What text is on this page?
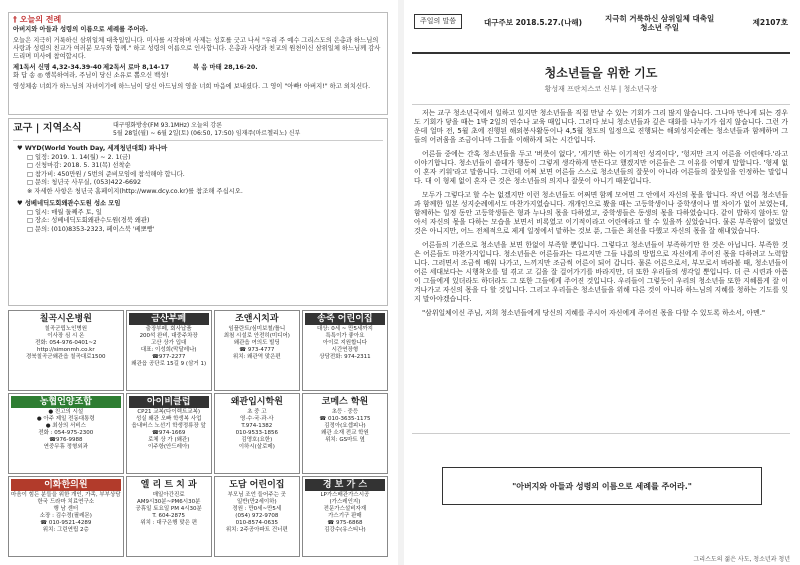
† 오늘의 전례

아버지와 아들과 성령의 이름으로 세례를 주어라.

오늘은 지극히 거룩하신 삼위일체 대축일입니다. 미사를 시작하며 사제는 성호를 긋고 나서 "우리 주 예수 그리스도의 은총과 하느님의 사랑과 성령의 친교가 여러분 모두와 함께." 하고 성령의 이름으로 인사합니다. 은총과 사랑과 친교의 원천이신 삼위일체 하느님께 감사드리며 미사에 참여합시다.

제1독서 신명 4,32-34.39-40 제2독서 로마 8,14-17	복 음 마태 28,16-20.

화 답 송 ◎ 행복하여라, 주님이 당신 소유로 뽑으신 백성!

영성체송 너희가 하느님의 자녀이기에 하느님이 당신 아드님의 영을 너희 마음에 보내셨다. 그 영이 "아빠! 아버지!" 하고 외치신다.

교구 | 지역소식	대구평화방송(FM 93.1MHz) 오늘의 강론
5월 28일(월) ~ 6월 2일(토) (06:50, 17:50) 임재주(마르첼리노) 신부
♥ WYD(World Youth Day, 세계청년대회) 파나마
□ 일정: 2019. 1. 14(월) ~ 2. 1(금)
□ 신청마감: 2018. 5. 31(목) 선착순
□ 참가비: 450만원 / 5번의 준비모임에 참석해야 합니다.
□ 문의: 청년국 사무실, (053)422-6692
※ 자세한 사항은 청년국 홈페이지(http://www.dcy.co.kr)를 참조해 주십시오.
♥ 성베네딕도회왜관수도원 성소 모임
□ 일시: 매월 둘째주 토, 일
□ 장소: 성베네딕도회왜관수도원(경북 왜관)
□ 문의: (010)8353-2323, 페이스북 '베뽀빵'
칠곡시온병원
칠곡군립노인병원
이사장 심 시 온
전화: 054-976-0401~2
http://simonmh.co.kr
경북칠곡군왜관읍 칠곡대로1500
금산부페
출장부페, 회사납품
200석 완비, 대중주차장
고산 상가 입대
대표: 이성희(막달레나)
☎977-2277
왜관읍 공단로 15길 9 (삼거 1)
조앤시치과
임플란트/심미보철/틀니
최첨 시설로 안전히(미디어)
왜관읍 여의도 빌딩
☎ 973-4777
위치: 왜관역 맞은편
송죽 어린이집
대상: 0세 ~ 만5세까지
특특이가 좋아요
아이로 지원합니다
시간연장형
상담전화: 974-2311
농협언양조합
● 친고의 시설
● 아주 제일 전동대통령
● 최상의 서비스
전화 : 054-975-2300
☎976-9988
연중무휴 정형외과
아이비클럽
CP21 교복(다이렉트교복)
성실 왜관 오빠 학생복 사업
읍내버스 노선기 학생정류장 앞
☎974-1669
로체 상 가 (왜관)
이주항(안드레아)
왜관입시학원
초 중 고
영·수·국·과·사
T.974-1382
010-9533-1856
김영호(요한)
이하시(살로메)
코메스 학원
초등 · 중등
☎ 010-3635-1175
김정아(요셉피나)
왜관 소재 전교 학원
위치: GS마트 옆
이화한의원
마음이 힘든 분들을 위한 개인, 가족, 부부상담
한국 드라마 치료연구소
행 남 센터
소장 : 김수정(필레몬)
☎ 010-9521-4289
위치: 그린연립 2층
엘 리 트 치 과
매일아간진료
AM9시30분~PM6시30분
공휴일 토요일 PM 4시30분
T. 604-2875
위치 : 대구은행 맞은 편
도담 어린이집
부모님 조언 들어주는 곳
일반(만2세이하)
정원 : 만0세~만5세
(054) 972-9708
010-8574-0635
위치: 2주공아파트 건너편
경 보 가 스
LP가스배관가스시공
(가스레인지)
전문가스설비자재
가스기구 판매
☎ 975-6868
김강수(유스티나)
주일의 말씀	대구주보 2018.5.27.(나해)	지극히 거룩하신 삼위일체 대축일
청소년 주일
제2107호
청소년들을 위한 기도
황성재 프란치스코 신부 | 청소년국장

저는 교구 청소년국에서 일하고 있지만 청소년들을 직접 만날 수 있는 기회가 그리 많지 않습니다. 그나마 만나게 되는 경우도 기회가 닿을 때는 1박 2일의 연수나 교육 때입니다. 그러다 보니 청소년들과 깊은 대화를 나누기가 쉽지 않습니다. 그런 가운데 얼마 전, 5월 초에 진행된 해외봉사활동이나 4,5월 청도의 일정으로 진행되는 해외성지순례는 청소년들과 함께하며 그들의 어려움을 조금이나마 그들을 이해하게 되는 시간입니다.

어른들 중에는 간혹 청소년들을 두고 '버릇이 없다', '게기만 하는 이기적인 성격이다', '헝저만 크지 어른을 어린애다.'라고 이야기합니다. 청소년들이 쓸데가 행동이 그렇게 생각하게 만든다고 했겠지만 어른들은 그 이유를 어떻게 말합니다. '형제 없이 혼자 키워'라고 말씀니다. 그런데 어쩌 보면 어른들 스스로 청소년들의 잘못이 아니라 어른들의 잘못일을 인정하는 말입니다. 대 이 형제 없이 혼자 큰 것은 청소년들의 의지나 잘못이 아니기 때문입니다.

모두가 그렇다고 할 수는 없겠지만 이런 청소년들도 어쩌면 함께 모여면 그 안에서 자신의 몫을 합니다. 작년 여름 청소년들과 함께한 일본 성지순례에서도 마찬가지였습니다. 개개인으로 봤을 때는 고등학생이나 중학생이나 별 차이가 없어 보였는데, 함께하는 일정 동안 고등학생들은 형과 누나의 몫을 다하였고, 중학생들은 동생의 몫을 다하였습니다. 같이 밥하지 않아도 알아서 자신의 몫을 다하는 모습을 보면서 비록였고 이기적이라고 어린애라고 할 수 있을까 싶었습니다. 물론 부족함이 없었던 것은 아니지만, 어느 전체적으로 제게 일정에서 맡하는 것보 푼, 그들은 최선을 다했고 자신의 몫을 잘 해내었습니다.

어른들의 기준으로 청소년을 보면 한없이 부족할 뿐입니다. 그렇다고 청소년들이 부족하기만 한 것은 아닙니다. 부족한 것은 어른들도 마찬가지입니다. 청소년들은 어른들과는 다르지만 그들 나름의 방법으로 자신에게 주어진 몫을 다하려고 노력합니다. 그러면서 조금씩 배워 나가고, 느끼지만 조금씩 어른이 되어 갑니다. 물론 어른으로서, 부모로서 바라볼 때, 청소년들이 어른 세대보다는 시행착오를 덜 겪고 고 길을 잘 걸어가기를 바라지만, 더 또한 우리들의 생각일 뿐입니다. 더 큰 시련과 아픔이 그들에게 있더라도 하더라도 그 또한 그들에게 주어진 것입니다. 우리들이 그렇듯이 우리의 청소년들 또한 지혜롭게 잘 이겨나가고 자신의 몫을 다 할 것입니다. 그리고 우리들은 청소년들을 위해 다른 것이 아니라 하느님의 지혜를 청하는 기도를 잊지 말아야겠습니다.

"삼위일체이신 주님, 저희 청소년들에게 당신의 지혜를 주시어 자신에게 주어진 몫을 다할 수 있도록 하소서, 아멘."

"아버지와 아들과 성령의 이름으로 세례를 주어라."
그리스도의 젊은 사도, 청소년과 청년
